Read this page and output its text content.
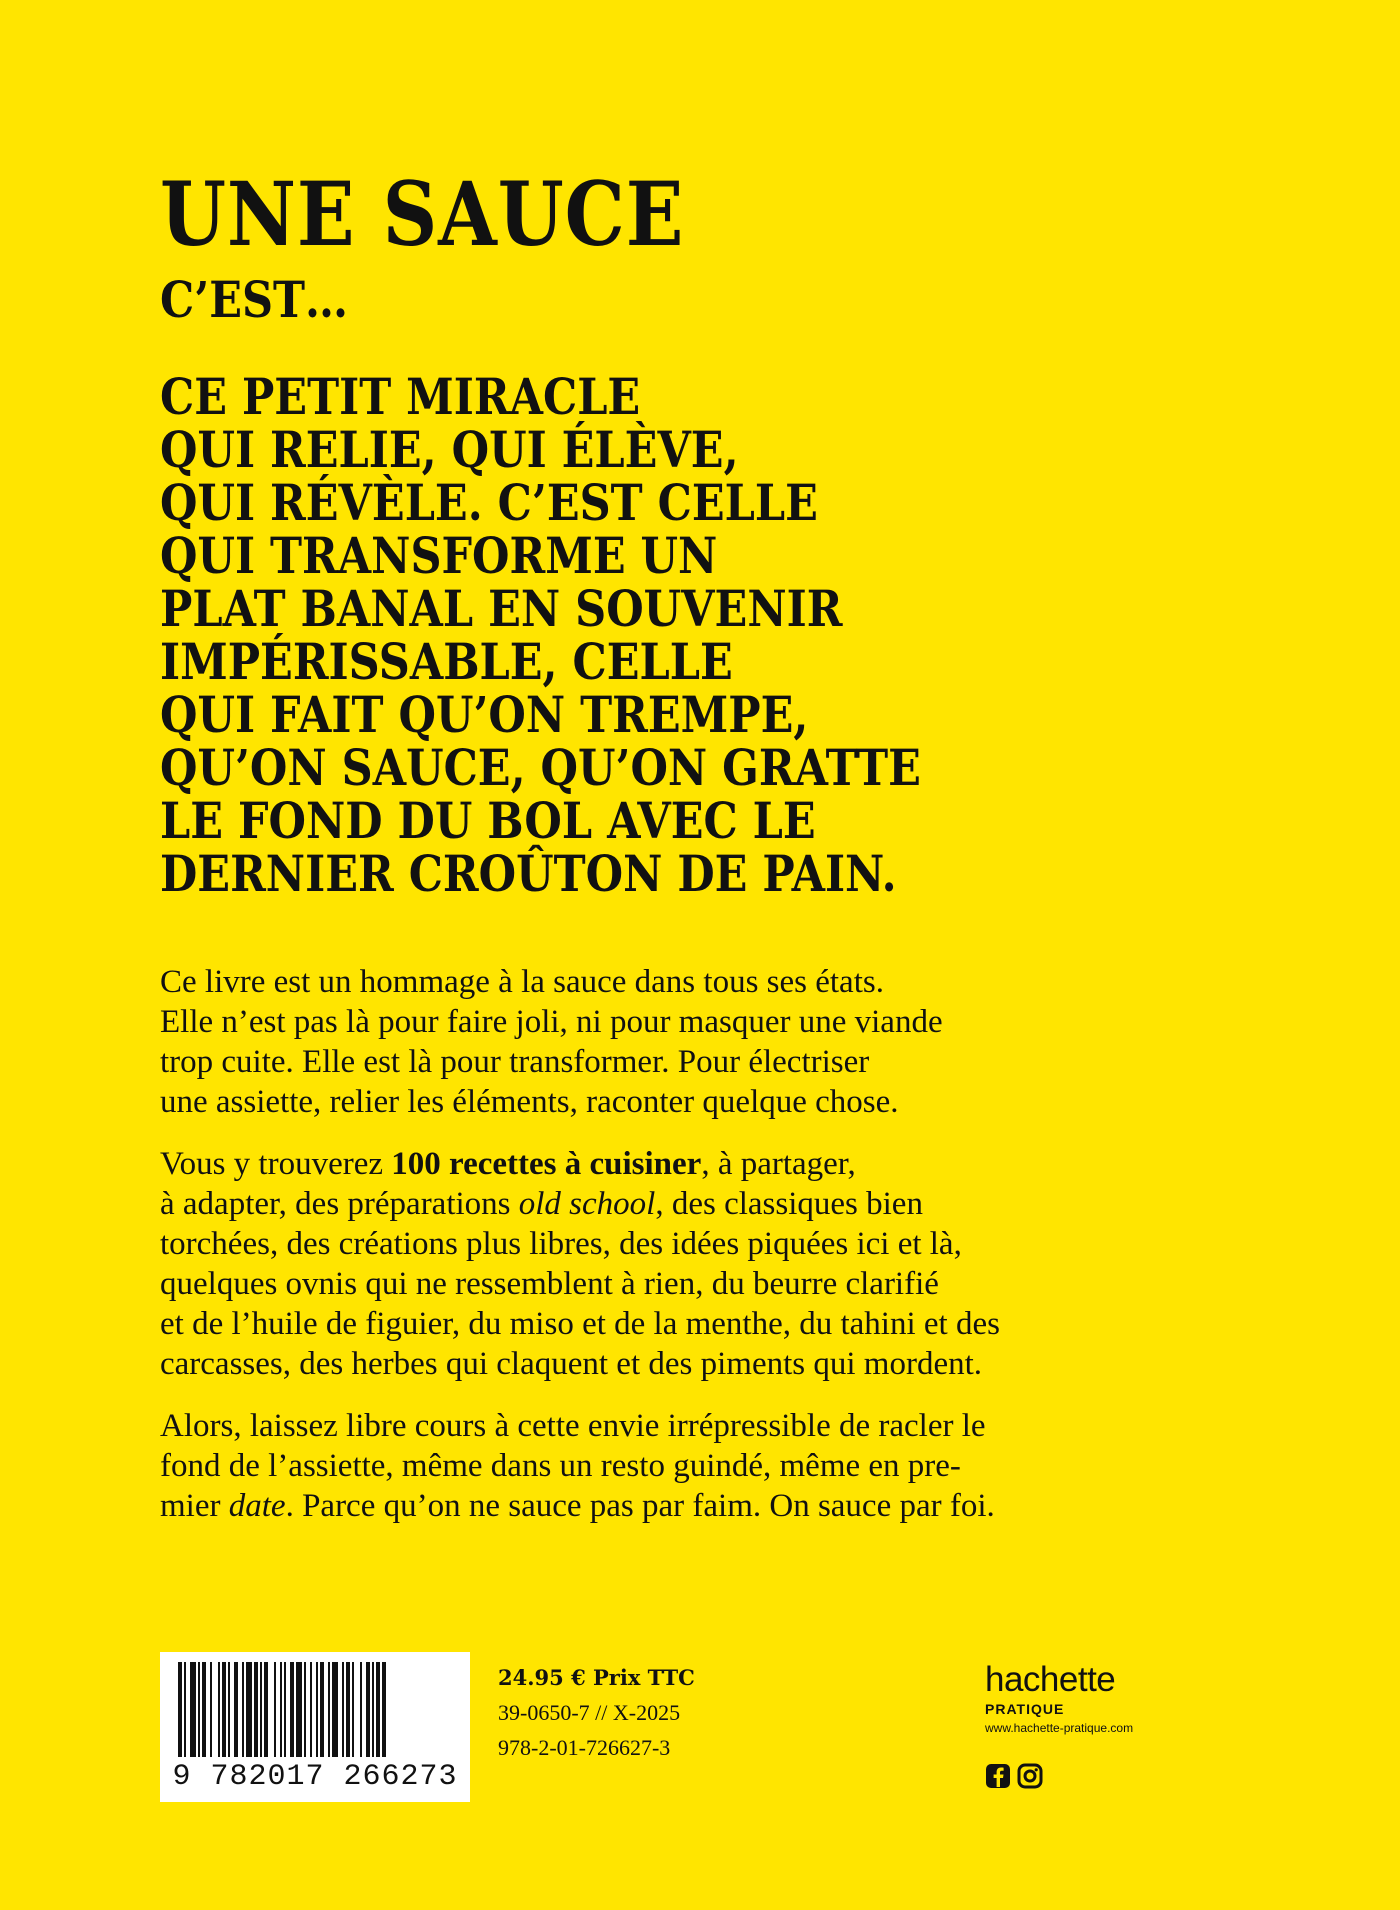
UNE SAUCE
C’EST…
CE PETIT MIRACLE
QUI RELIE, QUI ÉLÈVE,
QUI RÉVÈLE. C’EST CELLE
QUI TRANSFORME UN
PLAT BANAL EN SOUVENIR
IMPÉRISSABLE, CELLE
QUI FAIT QU’ON TREMPE,
QU’ON SAUCE, QU’ON GRATTE
LE FOND DU BOL AVEC LE
DERNIER CROÛTON DE PAIN.

Ce livre est un hommage à la sauce dans tous ses états.
Elle n’est pas là pour faire joli, ni pour masquer une viande
trop cuite. Elle est là pour transformer. Pour électriser
une assiette, relier les éléments, raconter quelque chose.

Vous y trouverez 100 recettes à cuisiner, à partager,
à adapter, des préparations old school, des classiques bien
torchées, des créations plus libres, des idées piquées ici et là,
quelques ovnis qui ne ressemblent à rien, du beurre clarifié
et de l’huile de figuier, du miso et de la menthe, du tahini et des
carcasses, des herbes qui claquent et des piments qui mordent.

Alors, laissez libre cours à cette envie irrépressible de racler le
fond de l’assiette, même dans un resto guindé, même en pre-
mier date. Parce qu’on ne sauce pas par faim. On sauce par foi.

9 782017 266273
24.95 € Prix TTC
39-0650-7 // X-2025
978-2-01-726627-3
hachette
PRATIQUE
www.hachette-pratique.com
